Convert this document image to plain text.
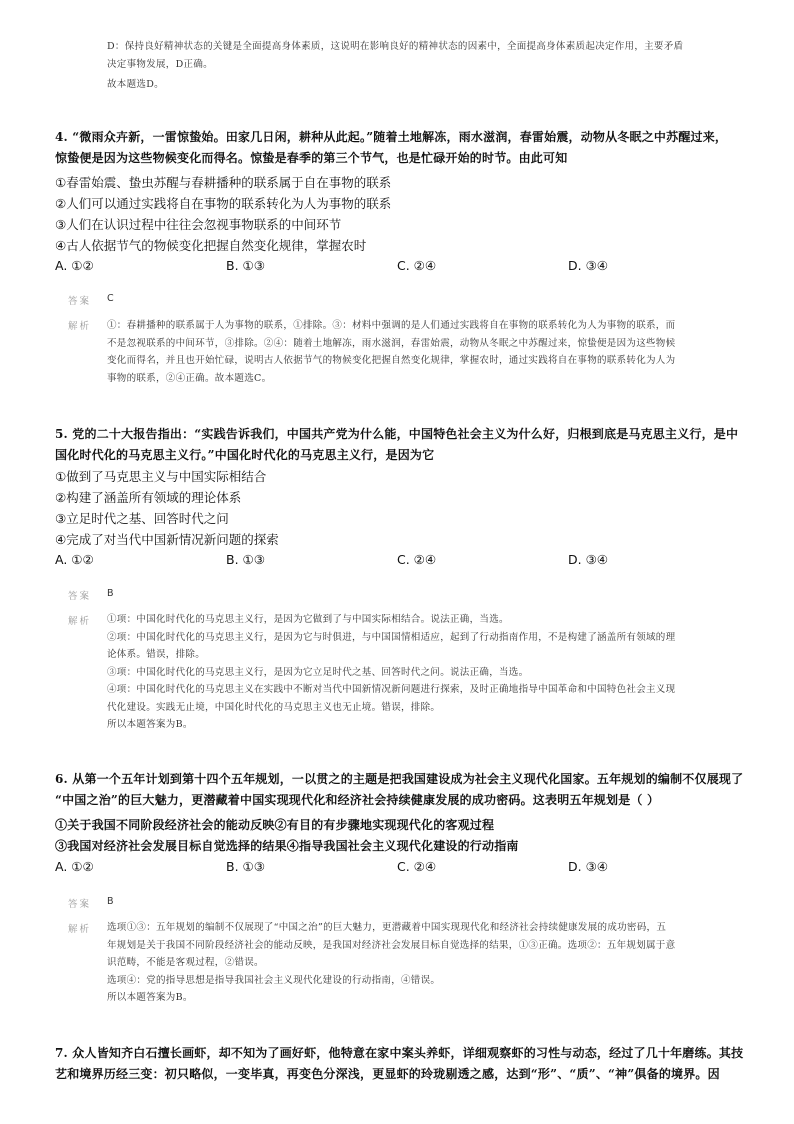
D：保持良好精神状态的关键是全面提高身体素质，这说明在影响良好的精神状态的因素中，全面提高身体素质起决定作用，主要矛盾
决定事物发展，D正确。
故本题选D。
4. “微雨众卉新，一雷惊蛰始。田家几日闲，耕种从此起。”随着土地解冻，雨水滋润，春雷始震，动物从冬眠之中苏醒过来，
惊蛰便是因为这些物候变化而得名。惊蛰是春季的第三个节气，也是忙碌开始的时节。由此可知
①春雷始震、蛰虫苏醒与春耕播种的联系属于自在事物的联系
②人们可以通过实践将自在事物的联系转化为人为事物的联系
③人们在认识过程中往往会忽视事物联系的中间环节
④古人依据节气的物候变化把握自然变化规律，掌握农时
A. ①②	B. ①③	C. ②④	D. ③④
答案 C
解析 ①：春耕播种的联系属于人为事物的联系，①排除。③：材料中强调的是人们通过实践将自在事物的联系转化为人为事物的联系，而
不是忽视联系的中间环节，③排除。②④：随着土地解冻，雨水滋润，春雷始震，动物从冬眠之中苏醒过来，惊蛰便是因为这些物候
变化而得名，并且也开始忙碌，说明古人依据节气的物候变化把握自然变化规律，掌握农时，通过实践将自在事物的联系转化为人为
事物的联系，②④正确。故本题选C。
5. 党的二十大报告指出：“实践告诉我们，中国共产党为什么能，中国特色社会主义为什么好，归根到底是马克思主义行，是中
国化时代化的马克思主义行。”中国化时代化的马克思主义行，是因为它
①做到了马克思主义与中国实际相结合
②构建了涵盖所有领域的理论体系
③立足时代之基、回答时代之问
④完成了对当代中国新情况新问题的探索
A. ①②	B. ①③	C. ②④	D. ③④
答案 B
解析 ①项：中国化时代化的马克思主义行，是因为它做到了与中国实际相结合。说法正确，当选。
②项：中国化时代化的马克思主义行，是因为它与时俱进，与中国国情相适应，起到了行动指南作用，不是构建了涵盖所有领域的理
论体系。错误，排除。
③项：中国化时代化的马克思主义行，是因为它立足时代之基、回答时代之问。说法正确，当选。
④项：中国化时代化的马克思主义在实践中不断对当代中国新情况新问题进行探索，及时正确地指导中国革命和中国特色社会主义现
代化建设。实践无止境，中国化时代化的马克思主义也无止境。错误，排除。
所以本题答案为B。
6. 从第一个五年计划到第十四个五年规划，一以贯之的主题是把我国建设成为社会主义现代化国家。五年规划的编制不仅展现了
“中国之治”的巨大魅力，更潜藏着中国实现现代化和经济社会持续健康发展的成功密码。这表明五年规划是（ ）
①关于我国不同阶段经济社会的能动反映②有目的有步骤地实现现代化的客观过程
③我国对经济社会发展目标自觉选择的结果④指导我国社会主义现代化建设的行动指南
A. ①②	B. ①③	C. ②④	D. ③④
答案 B
解析 选项①③：五年规划的编制不仅展现了“中国之治”的巨大魅力，更潜藏着中国实现现代化和经济社会持续健康发展的成功密码，五
年规划是关于我国不同阶段经济社会的能动反映，是我国对经济社会发展目标自觉选择的结果，①③正确。选项②：五年规划属于意
识范畴，不能是客观过程，②错误。
选项④：党的指导思想是指导我国社会主义现代化建设的行动指南，④错误。
所以本题答案为B。
7. 众人皆知齐白石擅长画虾，却不知为了画好虾，他特意在家中案头养虾，详细观察虾的习性与动态，经过了几十年磨练。其技
艺和境界历经三变：初只略似，一变毕真，再变色分深浅，更显虾的玲珑剔透之感，达到“形”、“质”、“神”俱备的境界。因
